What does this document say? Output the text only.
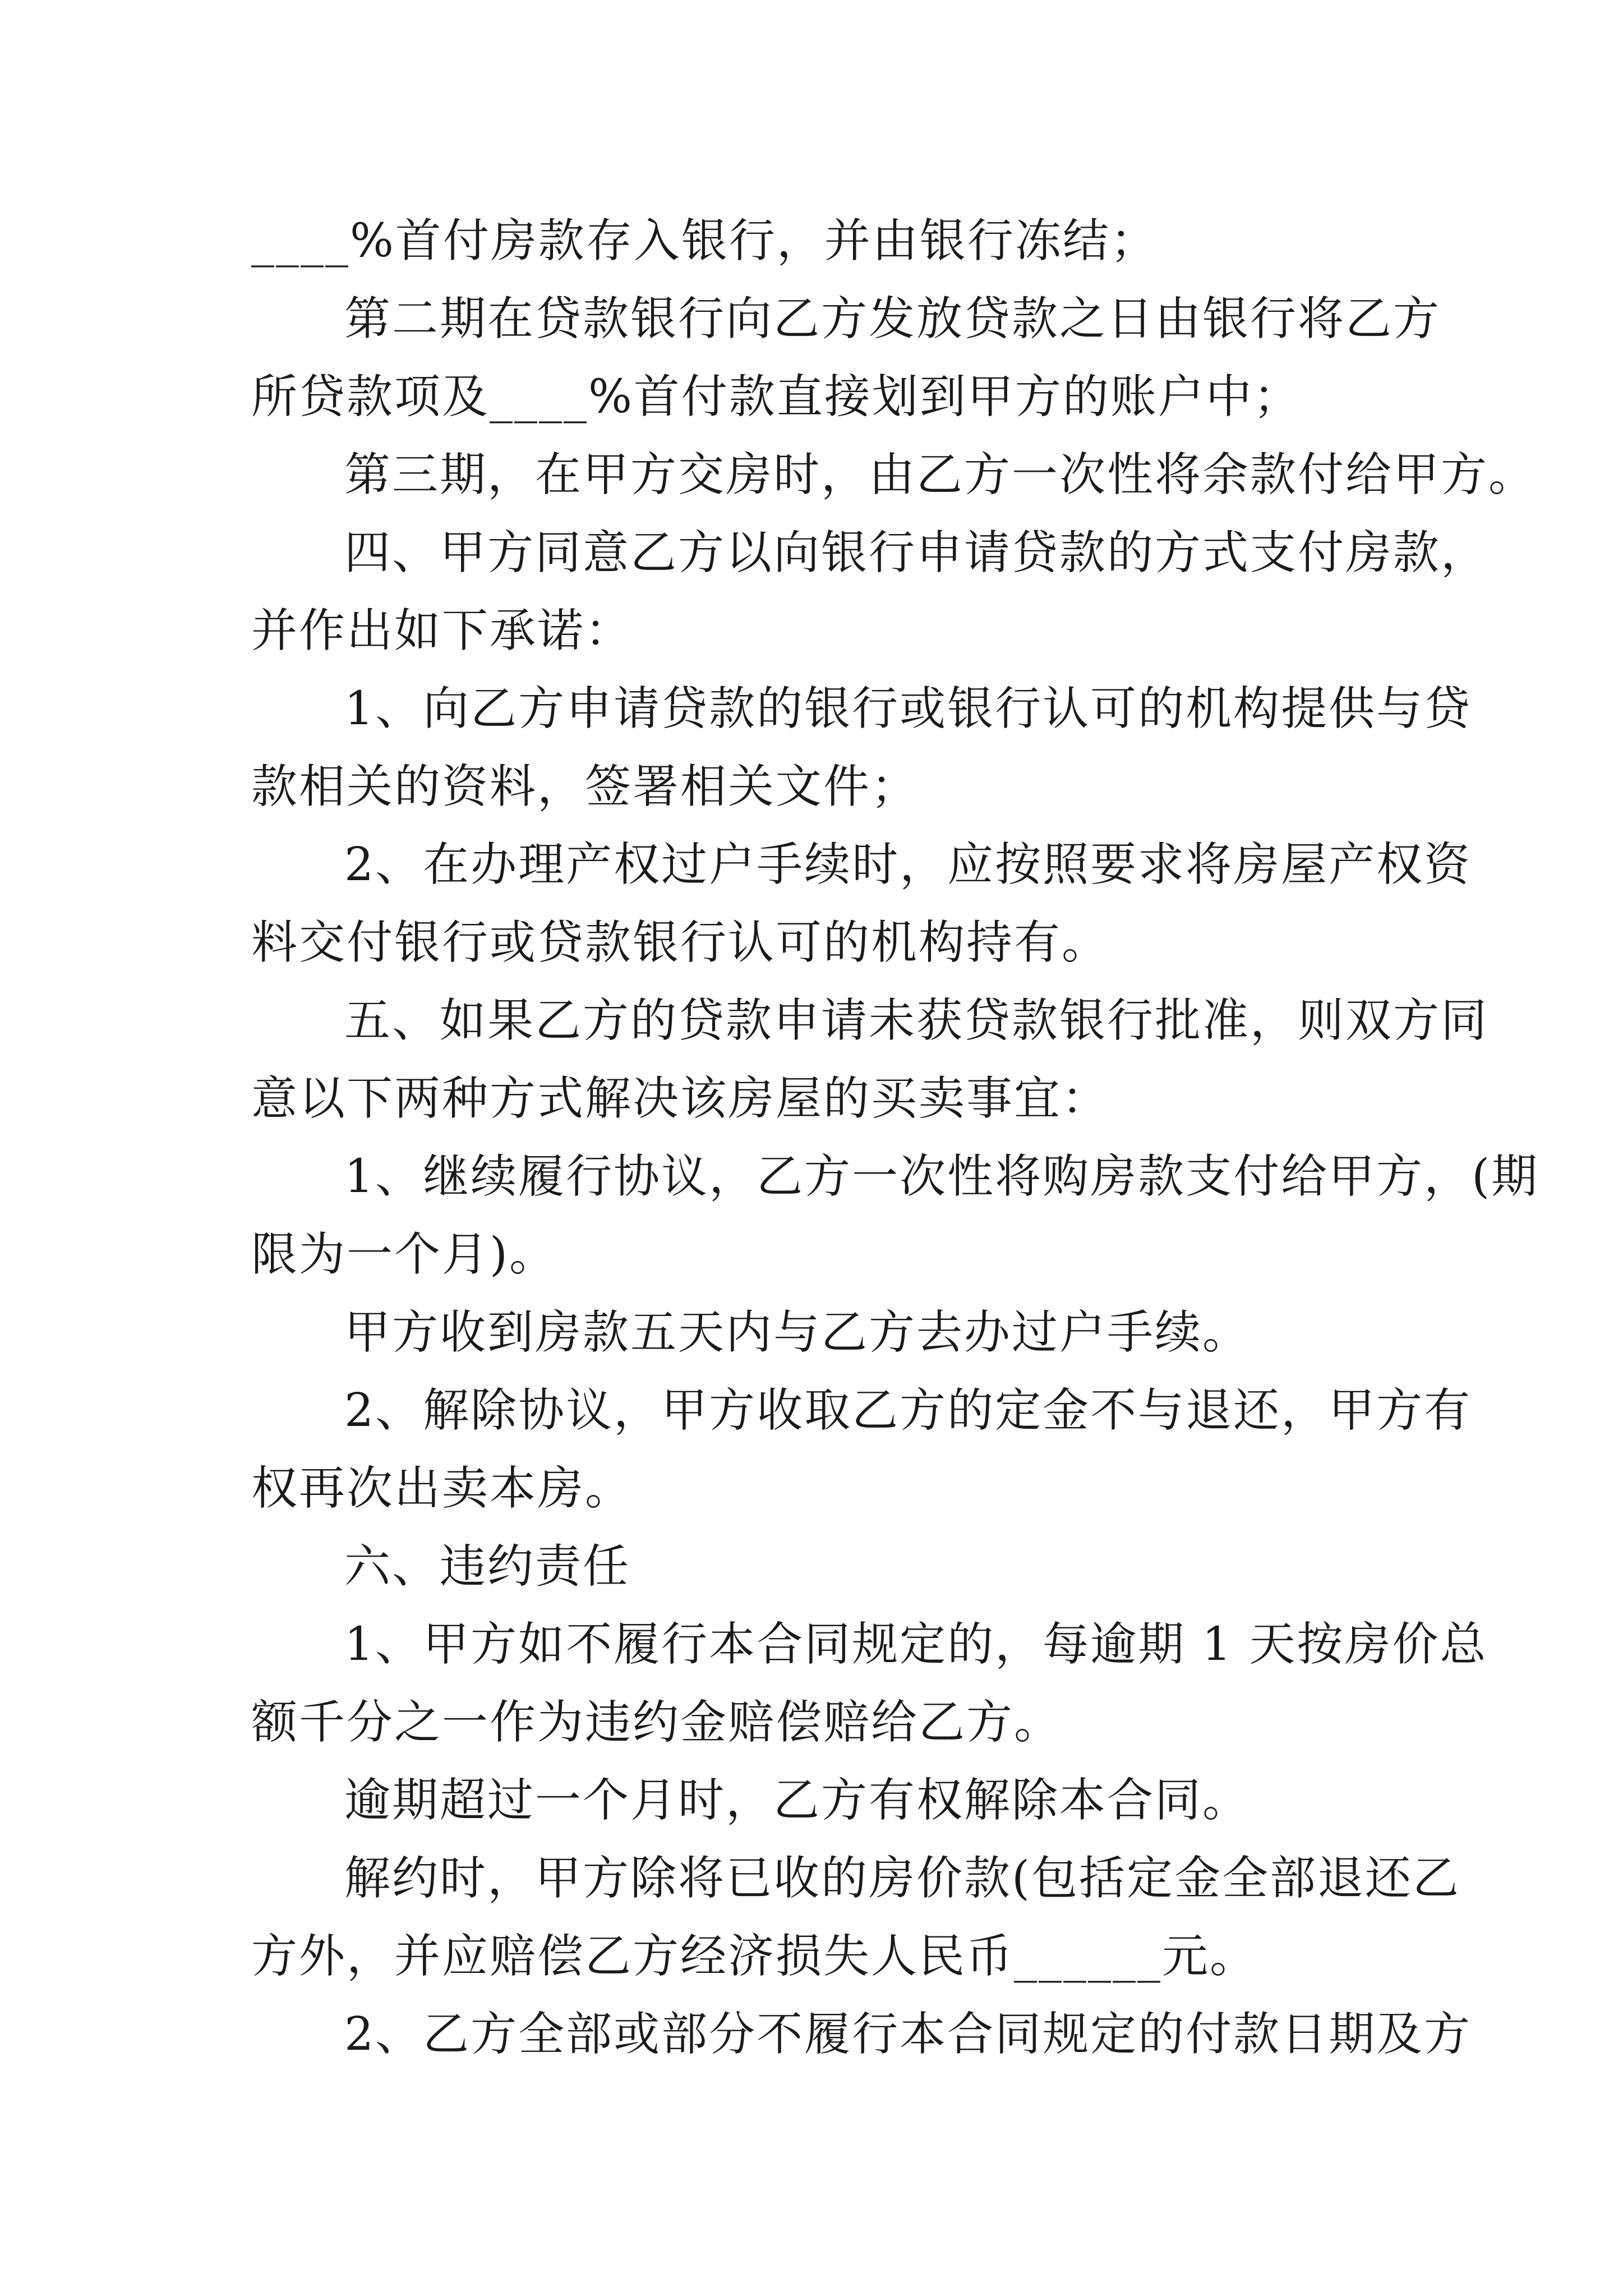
____%首付房款存入银行，并由银行冻结；
第二期在贷款银行向乙方发放贷款之日由银行将乙方
所贷款项及____%首付款直接划到甲方的账户中；
第三期，在甲方交房时，由乙方一次性将余款付给甲方。
四、甲方同意乙方以向银行申请贷款的方式支付房款，
并作出如下承诺：
1、向乙方申请贷款的银行或银行认可的机构提供与贷
款相关的资料，签署相关文件；
2、在办理产权过户手续时，应按照要求将房屋产权资
料交付银行或贷款银行认可的机构持有。
五、如果乙方的贷款申请未获贷款银行批准，则双方同
意以下两种方式解决该房屋的买卖事宜：
1、继续履行协议，乙方一次性将购房款支付给甲方，(期
限为一个月)。
甲方收到房款五天内与乙方去办过户手续。
2、解除协议，甲方收取乙方的定金不与退还，甲方有
权再次出卖本房。
六、违约责任
1、甲方如不履行本合同规定的，每逾期 1 天按房价总
额千分之一作为违约金赔偿赔给乙方。
逾期超过一个月时，乙方有权解除本合同。
解约时，甲方除将已收的房价款(包括定金全部退还乙
方外，并应赔偿乙方经济损失人民币______元。
2、乙方全部或部分不履行本合同规定的付款日期及方
